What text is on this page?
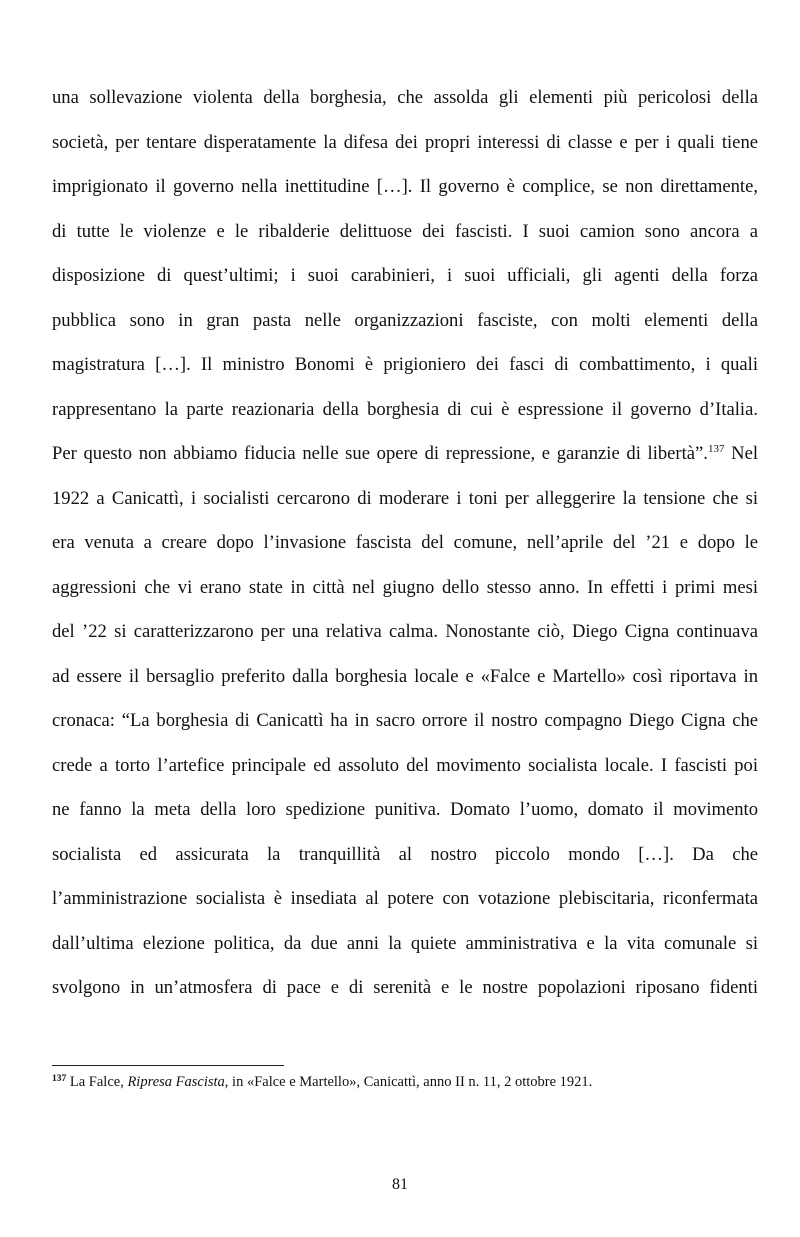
una sollevazione violenta della borghesia, che assolda gli elementi più pericolosi della
società, per tentare disperatamente la difesa dei propri interessi di classe e per i quali tiene
imprigionato il governo nella inettitudine […]. Il governo è complice, se non direttamente,
di tutte le violenze e le ribalderie delittuose dei fascisti. I suoi camion sono ancora a
disposizione di quest’ultimi; i suoi carabinieri, i suoi ufficiali, gli agenti della forza
pubblica sono in gran pasta nelle organizzazioni fasciste, con molti elementi della
magistratura […]. Il ministro Bonomi è prigioniero dei fasci di combattimento, i quali
rappresentano la parte reazionaria della borghesia di cui è espressione il governo d’Italia.
Per questo non abbiamo fiducia nelle sue opere di repressione, e garanzie di libertà”.$^{137}$ Nel
1922 a Canicattì, i socialisti cercarono di moderare i toni per alleggerire la tensione che si
era venuta a creare dopo l’invasione fascista del comune, nell’aprile del ’21 e dopo le
aggressioni che vi erano state in città nel giugno dello stesso anno. In effetti i primi mesi
del ’22 si caratterizzarono per una relativa calma. Nonostante ciò, Diego Cigna continuava
ad essere il bersaglio preferito dalla borghesia locale e «Falce e Martello» così riportava in
cronaca: “La borghesia di Canicattì ha in sacro orrore il nostro compagno Diego Cigna che
crede a torto l’artefice principale ed assoluto del movimento socialista locale. I fascisti poi
ne fanno la meta della loro spedizione punitiva. Domato l’uomo, domato il movimento
socialista ed assicurata la tranquillità al nostro piccolo mondo […]. Da che
l’amministrazione socialista è insediata al potere con votazione plebiscitaria, riconfermata
dall’ultima elezione politica, da due anni la quiete amministrativa e la vita comunale si
svolgono in un’atmosfera di pace e di serenità e le nostre popolazioni riposano fidenti
$^{137}$ La Falce, Ripresa Fascista, in «Falce e Martello», Canicattì, anno II n. 11, 2 ottobre 1921.
81
